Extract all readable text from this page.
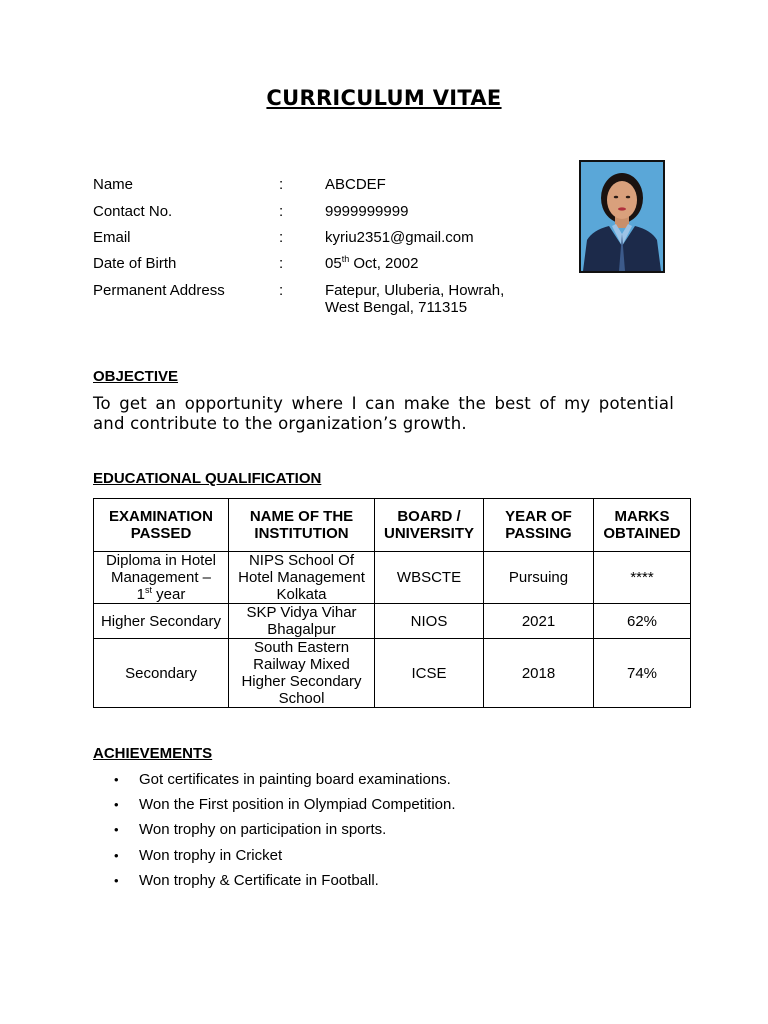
CURRICULUM VITAE
Name	:	ABCDEF
Contact No.	:	9999999999
Email	:	kyriu2351@gmail.com
Date of Birth	:	05th Oct, 2002
Permanent Address	:	Fatepur, Uluberia, Howrah,
West Bengal, 711315
OBJECTIVE
To get an opportunity where I can make the best of my potential and contribute to the organization’s growth.
EDUCATIONAL QUALIFICATION
EXAMINATION PASSED	NAME OF THE INSTITUTION	BOARD / UNIVERSITY	YEAR OF PASSING	MARKS OBTAINED
Diploma in Hotel Management –
1st year	NIPS School Of Hotel Management Kolkata	WBSCTE	Pursuing	****
Higher Secondary	SKP Vidya Vihar Bhagalpur	NIOS	2021	62%
Secondary	South Eastern Railway Mixed Higher Secondary School	ICSE	2018	74%
ACHIEVEMENTS
• Got certificates in painting board examinations.
• Won the First position in Olympiad Competition.
• Won trophy on participation in sports.
• Won trophy in Cricket
• Won trophy & Certificate in Football.
